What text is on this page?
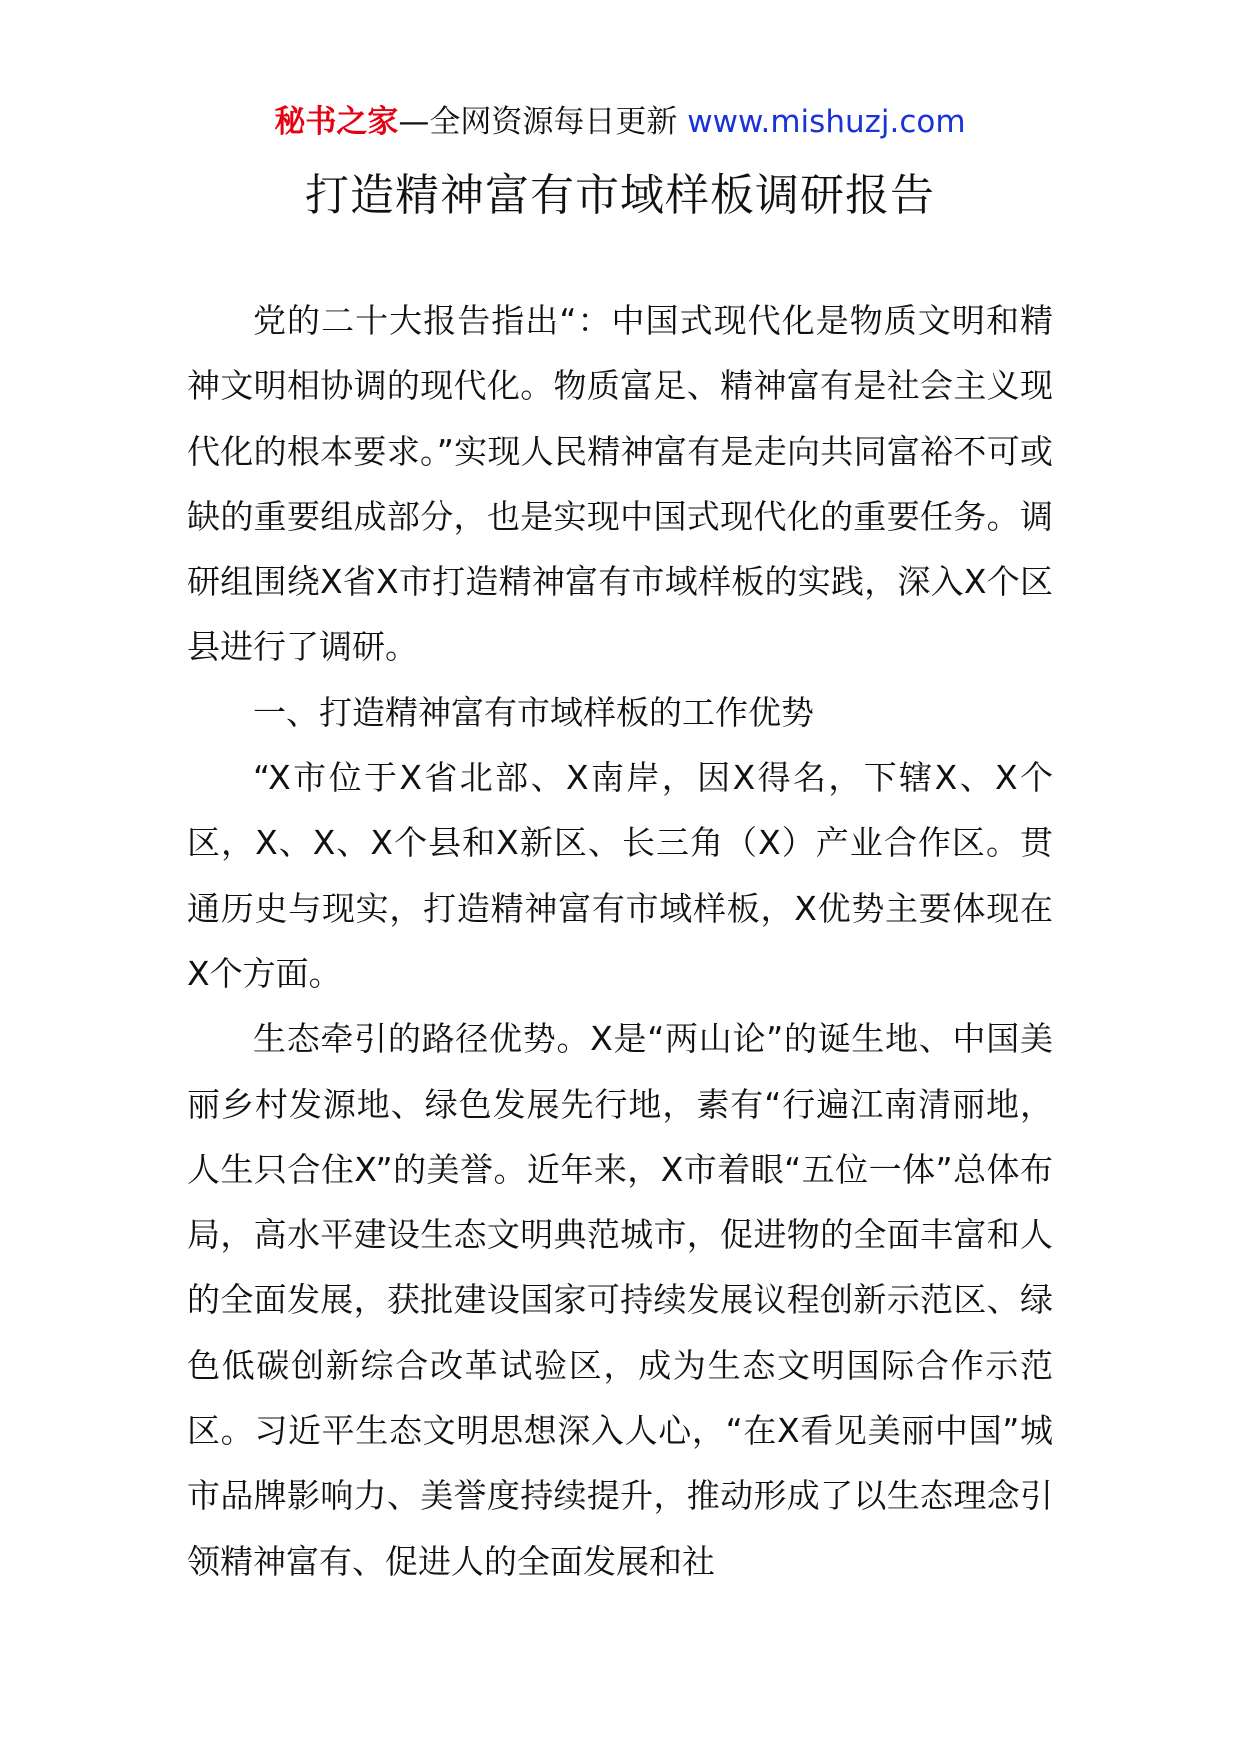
秘书之家—全网资源每日更新 www.mishuzj.com
打造精神富有市域样板调研报告

党的二十大报告指出“：中国式现代化是物质文明和精神文明相协调的现代化。物质富足、精神富有是社会主义现代化的根本要求。”实现人民精神富有是走向共同富裕不可或缺的重要组成部分，也是实现中国式现代化的重要任务。调研组围绕X省X市打造精神富有市域样板的实践，深入X个区县进行了调研。

一、打造精神富有市域样板的工作优势

“X市位于X省北部、X南岸，因X得名，下辖X、X个区，X、X、X个县和X新区、长三角（X）产业合作区。贯通历史与现实，打造精神富有市域样板，X优势主要体现在X个方面。

生态牵引的路径优势。X是“两山论”的诞生地、中国美丽乡村发源地、绿色发展先行地，素有“行遍江南清丽地，人生只合住X”的美誉。近年来，X市着眼“五位一体”总体布局，高水平建设生态文明典范城市，促进物的全面丰富和人的全面发展，获批建设国家可持续发展议程创新示范区、绿色低碳创新综合改革试验区，成为生态文明国际合作示范区。习近平生态文明思想深入人心，“在X看见美丽中国”城市品牌影响力、美誉度持续提升，推动形成了以生态理念引领精神富有、促进人的全面发展和社
